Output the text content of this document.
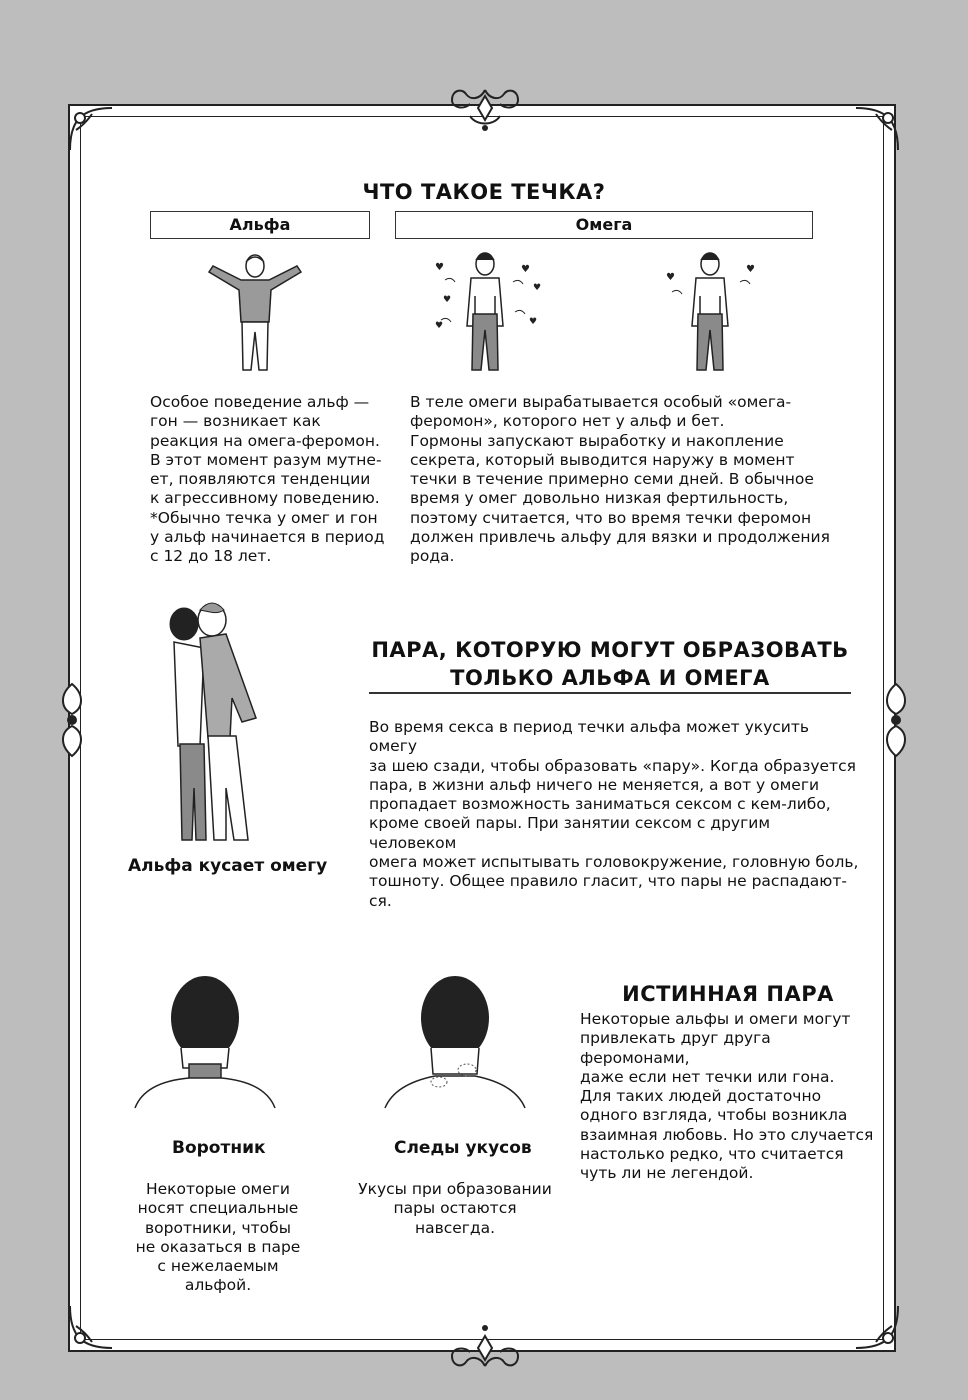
ЧТО ТАКОЕ ТЕЧКА?
Альфа	Омега
♥
♥
♥
♥
♥
♥
♥
♥
Особое поведение альф —
гон — возникает как
реакция на омега-феромон.
В этот момент разум мутне-
ет, появляются тенденции
к агрессивному поведению.
*Обычно течка у омег и гон
у альф начинается в период
с 12 до 18 лет.
В теле омеги вырабатывается особый «омега-
феромон», которого нет у альф и бет.
Гормоны запускают выработку и накопление
секрета, который выводится наружу в момент
течки в течение примерно семи дней. В обычное
время у омег довольно низкая фертильность,
поэтому считается, что во время течки феромон
должен привлечь альфу для вязки и продолжения
рода.
Альфа кусает омегу
ПАРА, КОТОРУЮ МОГУТ ОБРАЗОВАТЬ
ТОЛЬКО АЛЬФА И ОМЕГА
Во время секса в период течки альфа может укусить омегу
за шею сзади, чтобы образовать «пару». Когда образуется
пара, в жизни альф ничего не меняется, а вот у омеги
пропадает возможность заниматься сексом с кем-либо,
кроме своей пары. При занятии сексом с другим человеком
омега может испытывать головокружение, головную боль,
тошноту. Общее правило гласит, что пары не распадают-
ся.
Воротник	Следы укусов
Некоторые омеги
носят специальные
воротники, чтобы
не оказаться в паре
с нежелаемым
альфой.
Укусы при образовании
пары остаются
навсегда.
ИСТИННАЯ ПАРА
Некоторые альфы и омеги могут
привлекать друг друга феромонами,
даже если нет течки или гона.
Для таких людей достаточно
одного взгляда, чтобы возникла
взаимная любовь. Но это случается
настолько редко, что считается
чуть ли не легендой.
